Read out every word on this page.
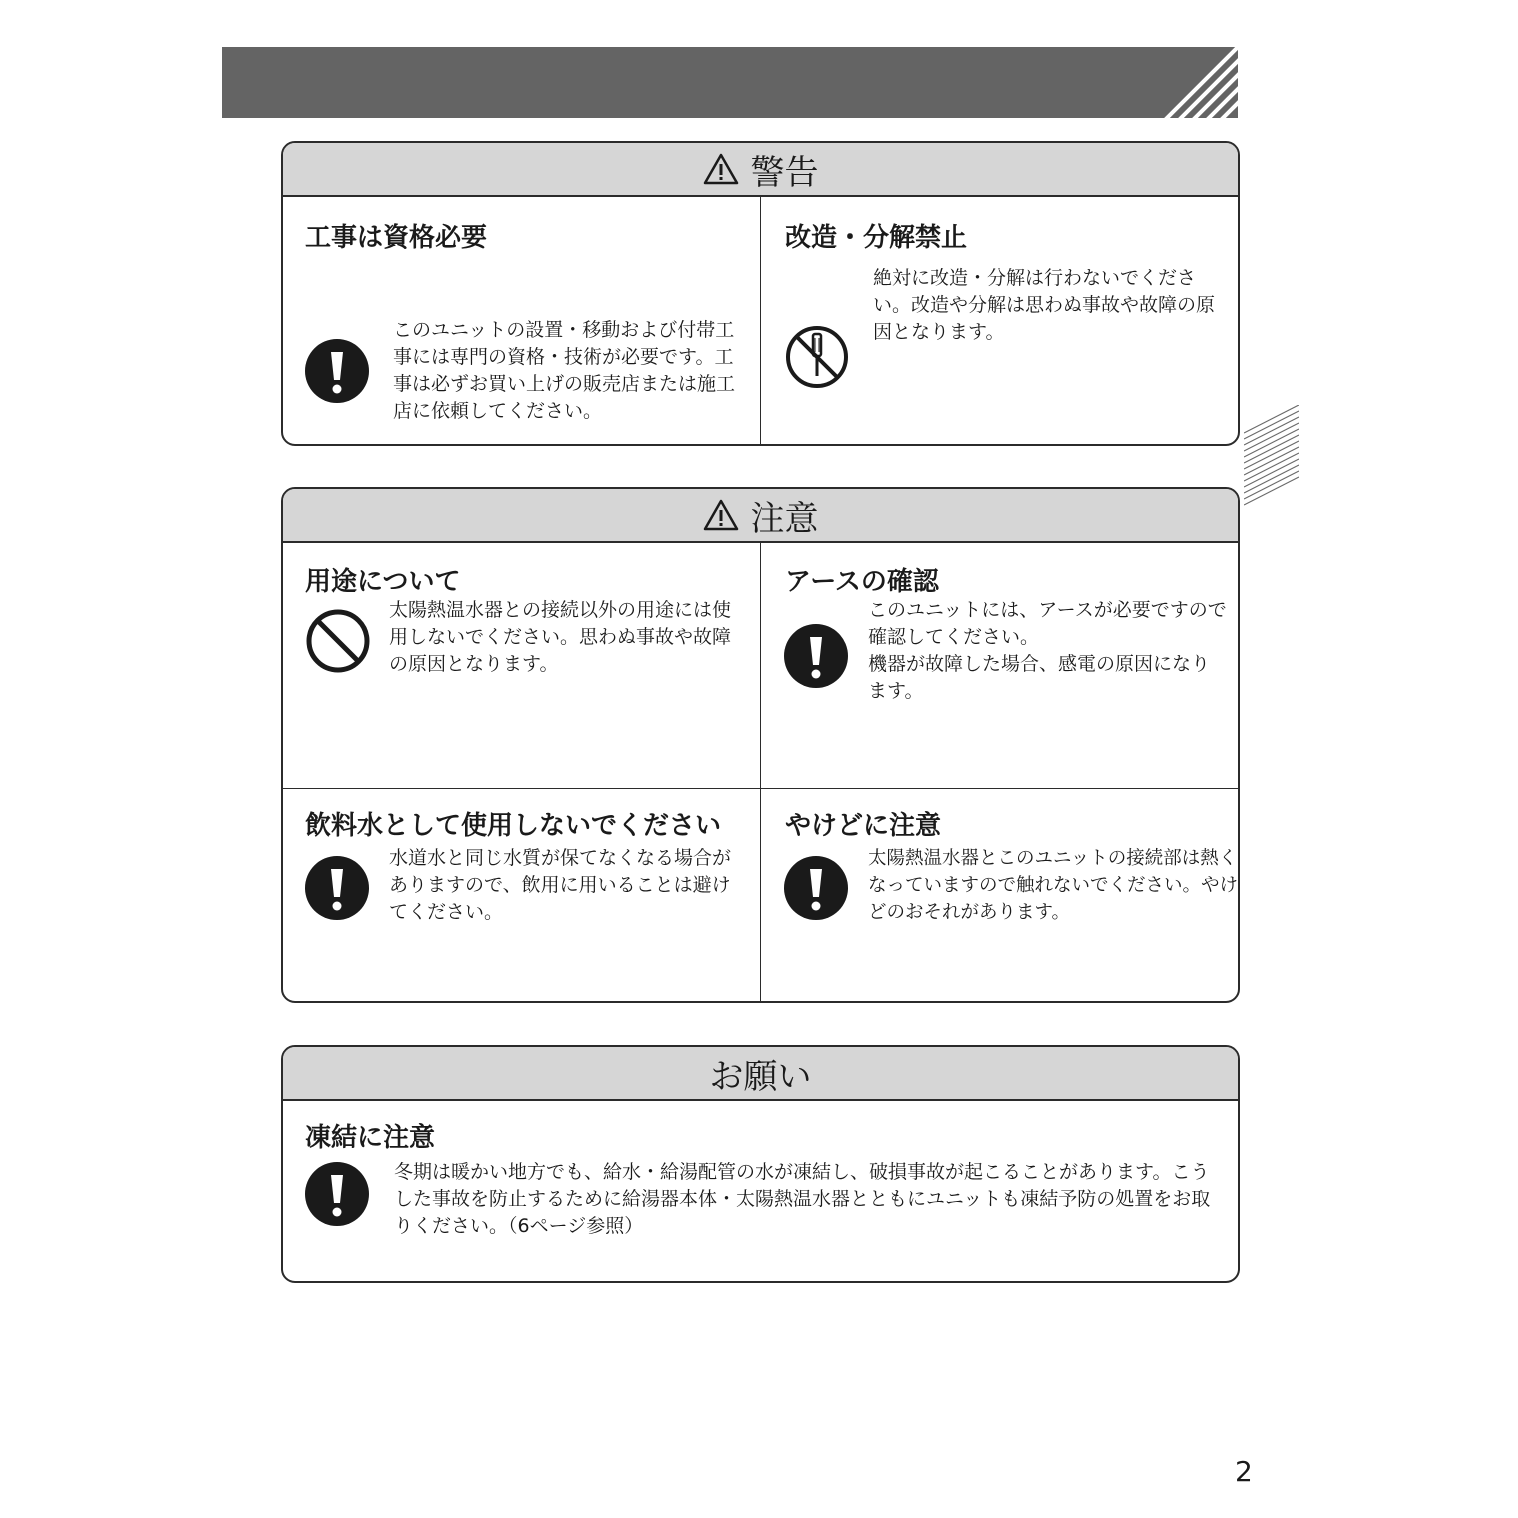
警告
工事は資格必要
このユニットの設置・移動および付帯工事には専門の資格・技術が必要です。工事は必ずお買い上げの販売店または施工店に依頼してください。
改造・分解禁止
絶対に改造・分解は行わないでください。改造や分解は思わぬ事故や故障の原因となります。
注意
用途について
太陽熱温水器との接続以外の用途には使用しないでください。思わぬ事故や故障の原因となります。
アースの確認
このユニットには、アースが必要ですので確認してください。
機器が故障した場合、感電の原因になります。
飲料水として使用しないでください
水道水と同じ水質が保てなくなる場合がありますので、飲用に用いることは避けてください。
やけどに注意
太陽熱温水器とこのユニットの接続部は熱くなっていますので触れないでください。やけどのおそれがあります。
お願い
凍結に注意
冬期は暖かい地方でも、給水・給湯配管の水が凍結し、破損事故が起こることがあります。こうした事故を防止するために給湯器本体・太陽熱温水器とともにユニットも凍結予防の処置をお取りください。（6ページ参照）
2
